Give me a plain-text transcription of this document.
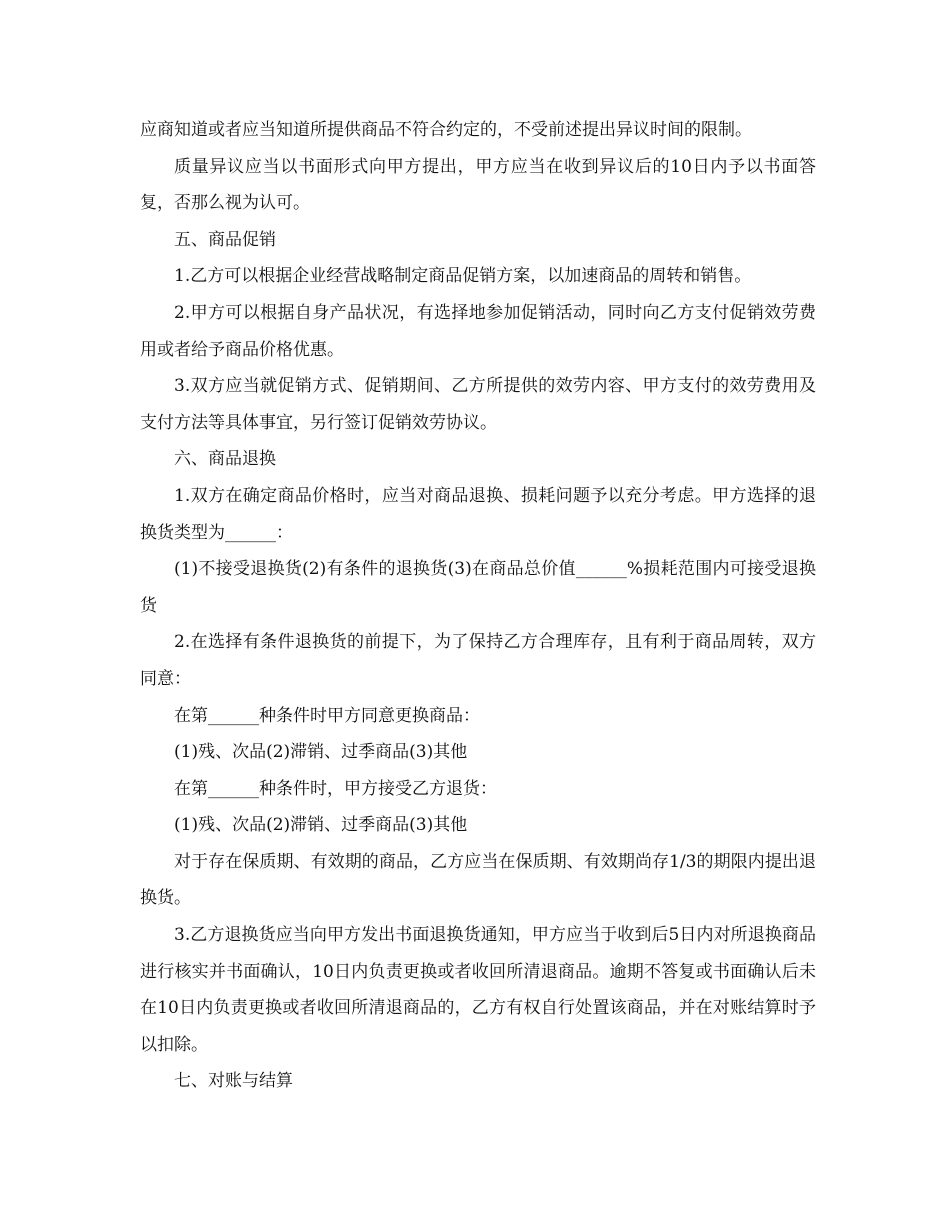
应商知道或者应当知道所提供商品不符合约定的，不受前述提出异议时间的限制。

质量异议应当以书面形式向甲方提出，甲方应当在收到异议后的10日内予以书面答复，否那么视为认可。

五、商品促销

1.乙方可以根据企业经营战略制定商品促销方案，以加速商品的周转和销售。

2.甲方可以根据自身产品状况，有选择地参加促销活动，同时向乙方支付促销效劳费用或者给予商品价格优惠。

3.双方应当就促销方式、促销期间、乙方所提供的效劳内容、甲方支付的效劳费用及支付方法等具体事宜，另行签订促销效劳协议。

六、商品退换

1.双方在确定商品价格时，应当对商品退换、损耗问题予以充分考虑。甲方选择的退换货类型为______：

(1)不接受退换货(2)有条件的退换货(3)在商品总价值______%损耗范围内可接受退换货

2.在选择有条件退换货的前提下，为了保持乙方合理库存，且有利于商品周转，双方同意：

在第______种条件时甲方同意更换商品：

(1)残、次品(2)滞销、过季商品(3)其他

在第______种条件时，甲方接受乙方退货：

(1)残、次品(2)滞销、过季商品(3)其他

对于存在保质期、有效期的商品，乙方应当在保质期、有效期尚存1/3的期限内提出退换货。

3.乙方退换货应当向甲方发出书面退换货通知，甲方应当于收到后5日内对所退换商品进行核实并书面确认，10日内负责更换或者收回所清退商品。逾期不答复或书面确认后未在10日内负责更换或者收回所清退商品的，乙方有权自行处置该商品，并在对账结算时予以扣除。

七、对账与结算
